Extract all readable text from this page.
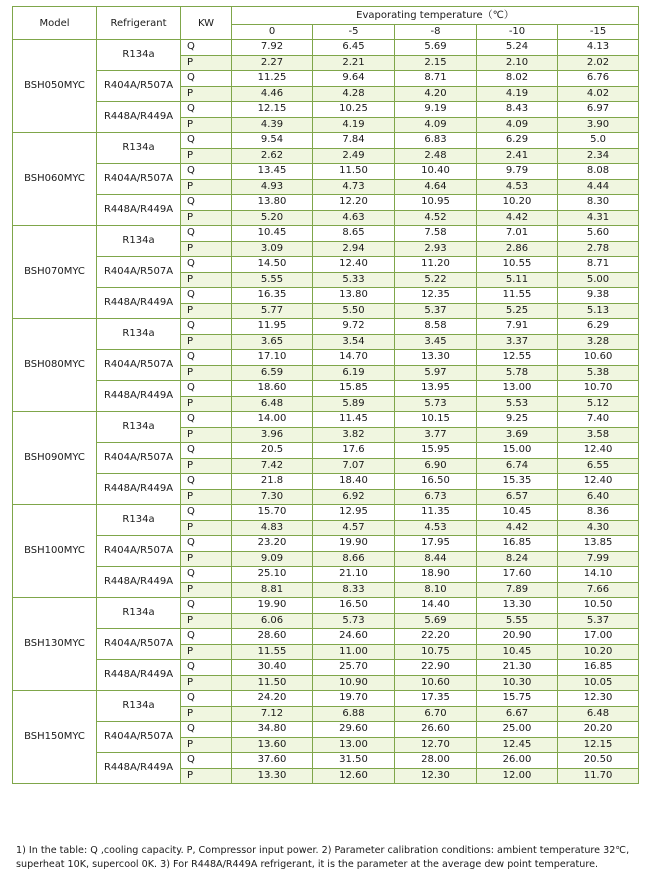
Model	Refrigerant	KW	Evaporating temperature（℃）				
			0	-5	-8	-10	-15
BSH050MYC	R134a	Q	7.92	6.45	5.69	5.24	4.13
		P	2.27	2.21	2.15	2.10	2.02
	R404A/R507A	Q	11.25	9.64	8.71	8.02	6.76
		P	4.46	4.28	4.20	4.19	4.02
	R448A/R449A	Q	12.15	10.25	9.19	8.43	6.97
		P	4.39	4.19	4.09	4.09	3.90
BSH060MYC	R134a	Q	9.54	7.84	6.83	6.29	5.0
		P	2.62	2.49	2.48	2.41	2.34
	R404A/R507A	Q	13.45	11.50	10.40	9.79	8.08
		P	4.93	4.73	4.64	4.53	4.44
	R448A/R449A	Q	13.80	12.20	10.95	10.20	8.30
		P	5.20	4.63	4.52	4.42	4.31
BSH070MYC	R134a	Q	10.45	8.65	7.58	7.01	5.60
		P	3.09	2.94	2.93	2.86	2.78
	R404A/R507A	Q	14.50	12.40	11.20	10.55	8.71
		P	5.55	5.33	5.22	5.11	5.00
	R448A/R449A	Q	16.35	13.80	12.35	11.55	9.38
		P	5.77	5.50	5.37	5.25	5.13
BSH080MYC	R134a	Q	11.95	9.72	8.58	7.91	6.29
		P	3.65	3.54	3.45	3.37	3.28
	R404A/R507A	Q	17.10	14.70	13.30	12.55	10.60
		P	6.59	6.19	5.97	5.78	5.38
	R448A/R449A	Q	18.60	15.85	13.95	13.00	10.70
		P	6.48	5.89	5.73	5.53	5.12
BSH090MYC	R134a	Q	14.00	11.45	10.15	9.25	7.40
		P	3.96	3.82	3.77	3.69	3.58
	R404A/R507A	Q	20.5	17.6	15.95	15.00	12.40
		P	7.42	7.07	6.90	6.74	6.55
	R448A/R449A	Q	21.8	18.40	16.50	15.35	12.40
		P	7.30	6.92	6.73	6.57	6.40
BSH100MYC	R134a	Q	15.70	12.95	11.35	10.45	8.36
		P	4.83	4.57	4.53	4.42	4.30
	R404A/R507A	Q	23.20	19.90	17.95	16.85	13.85
		P	9.09	8.66	8.44	8.24	7.99
	R448A/R449A	Q	25.10	21.10	18.90	17.60	14.10
		P	8.81	8.33	8.10	7.89	7.66
BSH130MYC	R134a	Q	19.90	16.50	14.40	13.30	10.50
		P	6.06	5.73	5.69	5.55	5.37
	R404A/R507A	Q	28.60	24.60	22.20	20.90	17.00
		P	11.55	11.00	10.75	10.45	10.20
	R448A/R449A	Q	30.40	25.70	22.90	21.30	16.85
		P	11.50	10.90	10.60	10.30	10.05
BSH150MYC	R134a	Q	24.20	19.70	17.35	15.75	12.30
		P	7.12	6.88	6.70	6.67	6.48
	R404A/R507A	Q	34.80	29.60	26.60	25.00	20.20
		P	13.60	13.00	12.70	12.45	12.15
	R448A/R449A	Q	37.60	31.50	28.00	26.00	20.50
		P	13.30	12.60	12.30	12.00	11.70
1) In the table: Q ,cooling capacity. P, Compressor input power. 2) Parameter calibration conditions: ambient temperature 32℃,
superheat 10K, supercool 0K. 3) For R448A/R449A refrigerant, it is the parameter at the average dew point temperature.
